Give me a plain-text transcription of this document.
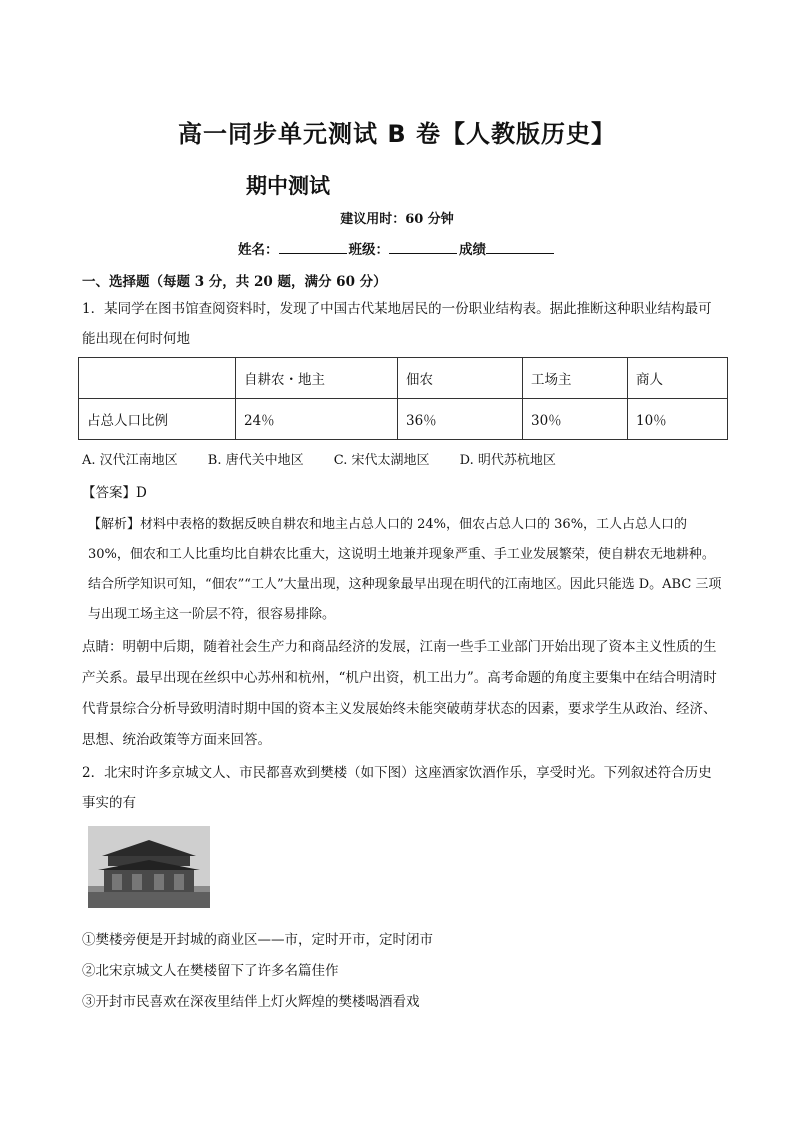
高一同步单元测试 B 卷【人教版历史】
期中测试
建议用时：60 分钟
姓名：	班级：	成绩
一、选择题（每题 3 分，共 20 题，满分 60 分）
1．某同学在图书馆查阅资料时，发现了中国古代某地居民的一份职业结构表。据此推断这种职业结构最可能出现在何时何地
	自耕农・地主	佃农	工场主	商人
占总人口比例	24％	36％	30％	10％
A. 汉代江南地区 B. 唐代关中地区 C. 宋代太湖地区 D. 明代苏杭地区
【答案】D
【解析】材料中表格的数据反映自耕农和地主占总人口的 24%，佃农占总人口的 36%，工人占总人口的 30%，佃农和工人比重均比自耕农比重大，这说明土地兼并现象严重、手工业发展繁荣，使自耕农无地耕种。结合所学知识可知，“佃农”“工人”大量出现，这种现象最早出现在明代的江南地区。因此只能选 D。ABC 三项与出现工场主这一阶层不符，很容易排除。
点睛：明朝中后期，随着社会生产力和商品经济的发展，江南一些手工业部门开始出现了资本主义性质的生产关系。最早出现在丝织中心苏州和杭州，“机户出资，机工出力”。高考命题的角度主要集中在结合明清时代背景综合分析导致明清时期中国的资本主义发展始终未能突破萌芽状态的因素，要求学生从政治、经济、思想、统治政策等方面来回答。
2．北宋时许多京城文人、市民都喜欢到樊楼（如下图）这座酒家饮酒作乐，享受时光。下列叙述符合历史事实的有
①樊楼旁便是开封城的商业区——市，定时开市，定时闭市
②北宋京城文人在樊楼留下了许多名篇佳作
③开封市民喜欢在深夜里结伴上灯火辉煌的樊楼喝酒看戏
